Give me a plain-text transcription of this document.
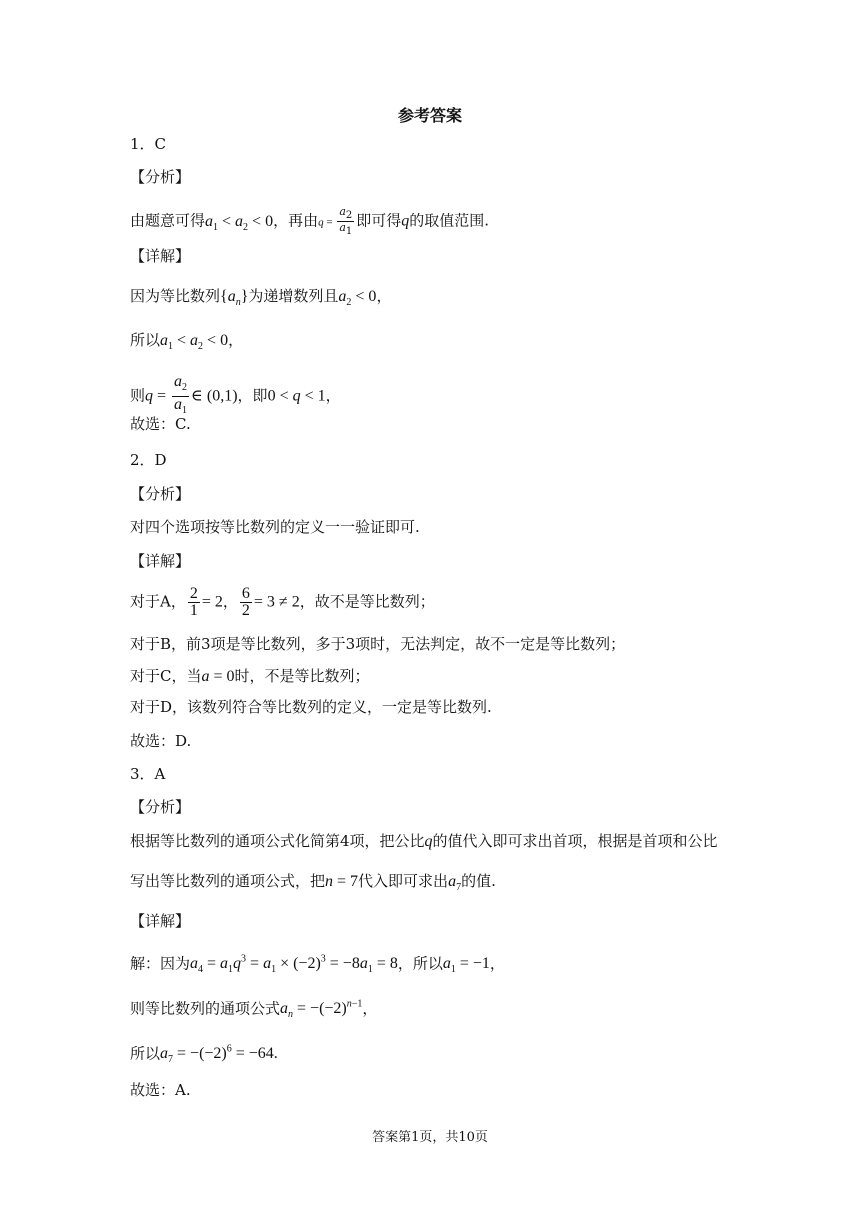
参考答案
1．C
【分析】
由题意可得$a_1 < a_2 < 0$，再由$q = \frac{a_2}{a_1}$ 即可得q的取值范围.
【详解】
因为等比数列$\{a_n\}$为递增数列且$a_2 < 0$，
所以$a_1 < a_2 < 0$，
则$q = \frac{a_2}{a_1}$ ∈ (0,1)，即0 < q < 1，
故选：C.
2．D
【分析】
对四个选项按等比数列的定义一一验证即可.
【详解】
对于A， $\frac{2}{1} = 2$， $\frac{6}{2} = 3 \ne 2$，故不是等比数列；
对于B，前3项是等比数列，多于3项时，无法判定，故不一定是等比数列；
对于C，当a = 0时，不是等比数列；
对于D，该数列符合等比数列的定义，一定是等比数列.
故选：D.
3．A
【分析】
根据等比数列的通项公式化简第4项，把公比q的值代入即可求出首项，根据是首项和公比
写出等比数列的通项公式，把n = 7代入即可求出$a_7$的值.
【详解】
解：因为$a_4 = a_1q^3 = a_1 \times (-2)^3 = -8a_1 = 8$，所以$a_1 = -1$，
则等比数列的通项公式$a_n = -(-2)^{n-1}$，
所以$a_7 = -(-2)^6 = -64$.
故选：A.
答案第1页，共10页
